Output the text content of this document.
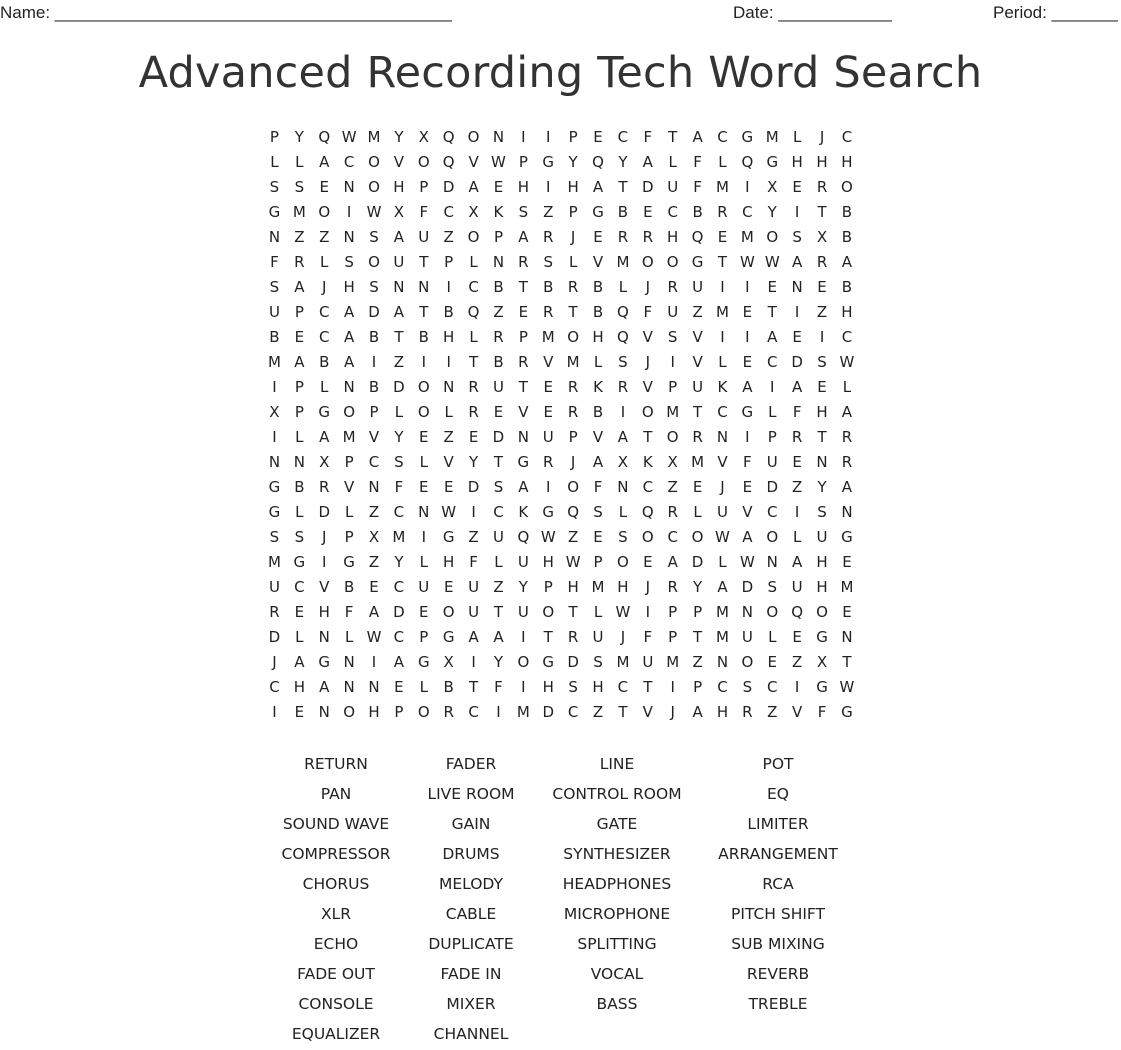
Name: __________________________________________	Date: ____________	Period: _______
Advanced Recording Tech Word Search
P	Y Q W M Y	X Q O N	I	I	P	E C	F	T	A C G M L	J	C
L	L	A C O V O Q V W P G Y Q Y	A	L	F	L Q G H H H
S	S	E N O H P D A	E H	I	H A	T D U	F M	I	X	E R O
G M O	I	W X	F	C X K	S Z	P G B	E C B R C	Y	I	T	B
N Z Z N S	A U Z O P	A R	J	E R R H Q E M O S X B
F	R	L	S O U T	P	L	N R S	L	V M O O G T W W A R A
S	A	J	H S N N	I	C B	T	B R B	L	J	R U	I	I	E N E	B
U P	C A D A	T	B Q Z	E R	T	B Q F	U Z M E	T	I	Z H
B	E C A B	T	B H	L	R	P M O H Q V S	V	I	I	A	E	I	C
M A B A	I	Z	I	I	T	B R V M L	S	J	I	V	L	E C D S W
I	P	L	N B D O N R U T	E R K R V	P U K A	I	A	E	L
X	P G O P	L O L	R E	V	E R B	I	O M T	C G L	F H A
I	L	A M V	Y	E	Z	E D N U P	V A	T O R N	I	P	R	T	R
N N X	P	C S	L	V	Y	T G R	J	A X K X M V	F	U E N R
G B R V N F	E	E D S	A	I	O F N C Z	E	J	E D Z	Y	A
G L D L	Z C N W	I	C K G Q S	L Q R	L	U V C	I	S N
S	S	J	P	X M	I	G Z U Q W Z	E	S O C O W A O L	U G
M G	I	G Z	Y	L	H F	L	U H W P O E	A D L W N A H E
U C V B	E C U E U Z	Y	P H M H	J	R	Y	A D S U H M
R E H F	A D E O U T U O T	L W	I	P	P M N O Q O E
D L	N	L W C	P G A A	I	T	R U	J	F	P	T M U	L	E G N
J	A G N	I	A G X	I	Y O G D S M U M Z N O E	Z X	T
C H A N N E	L	B	T	F	I	H S H C	T	I	P	C S C	I	G W
I	E N O H P O R C	I	M D C Z	T	V	J	A H R Z V	F G
RETURN	FADER	LINE	POT
PAN	LIVE ROOM	CONTROL ROOM	EQ
SOUND WAVE	GAIN	GATE	LIMITER
COMPRESSOR	DRUMS	SYNTHESIZER	ARRANGEMENT
CHORUS	MELODY	HEADPHONES	RCA
XLR	CABLE	MICROPHONE	PITCH SHIFT
ECHO	DUPLICATE	SPLITTING	SUB MIXING
FADE OUT	FADE IN	VOCAL	REVERB
CONSOLE	MIXER	BASS	TREBLE
EQUALIZER	CHANNEL
